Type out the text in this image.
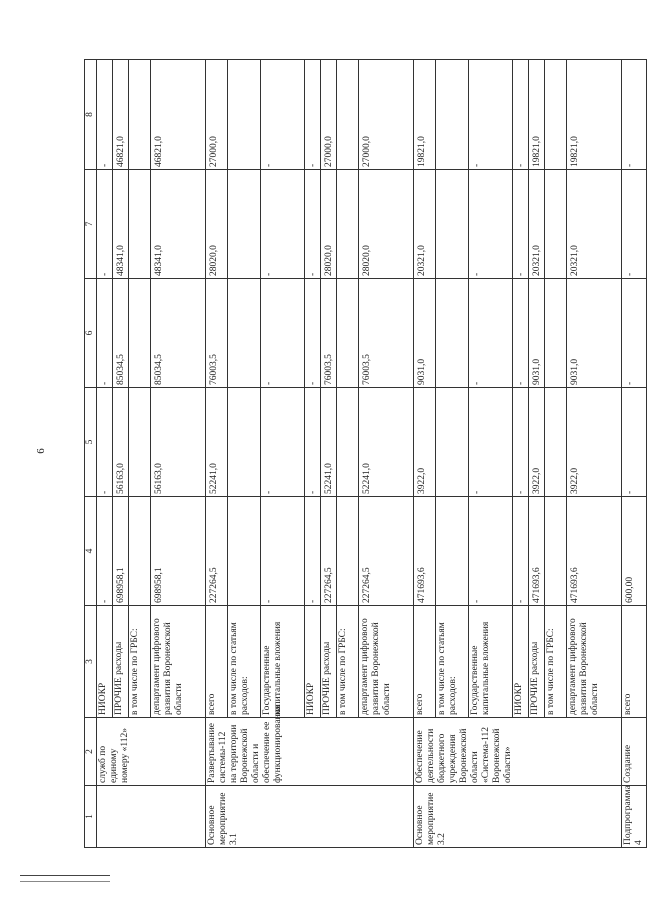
6
1	2	3	4	5	6	7	8
	служб по единому номеру «112»	НИОКР	-	-	-	-	-
		ПРОЧИЕ расходы	698958,1	56163,0	85034,5	48341,0	46821,0
		в том числе по ГРБС:					
		департамент цифрового развития Воронежской области	698958,1	56163,0	85034,5	48341,0	46821,0
Основное мероприятие 3.1	Развертывание системы-112 на территории Воронежской области и обеспечение ее функционирования	всего	227264,5	52241,0	76003,5	28020,0	27000,0
		в том числе по статьям расходов:					
		Государственные капитальные вложения	-	-	-	-	-
		НИОКР	-	-	-	-	-
		ПРОЧИЕ расходы	227264,5	52241,0	76003,5	28020,0	27000,0
		в том числе по ГРБС:					
		департамент цифрового развития Воронежской области	227264,5	52241,0	76003,5	28020,0	27000,0
Основное мероприятие 3.2	Обеспечение деятельности бюджетного учреждения Воронежской области «Система-112 Воронежской области»	всего	471693,6	3922,0	9031,0	20321,0	19821,0
		в том числе по статьям расходов:					
		Государственные капитальные вложения	-	-	-	-	-
		НИОКР	-	-	-	-	-
		ПРОЧИЕ расходы	471693,6	3922,0	9031,0	20321,0	19821,0
		в том числе по ГРБС:					
		департамент цифрового развития Воронежской области	471693,6	3922,0	9031,0	20321,0	19821,0
Подпрограмма 4	Создание	всего	600,00	-	-	-	-
